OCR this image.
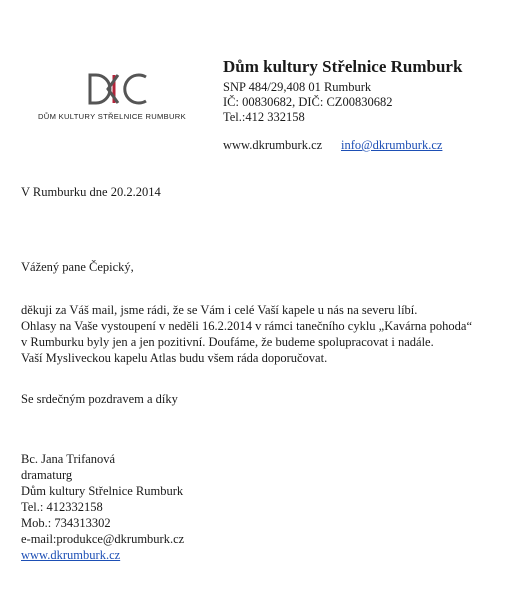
DŮM KULTURY STŘELNICE RUMBURK
Dům kultury Střelnice Rumburk
SNP 484/29,408 01 Rumburk
IČ: 00830682, DIČ: CZ00830682
Tel.:412 332158
www.dkrumburk.cz info@dkrumburk.cz
V Rumburku dne 20.2.2014
Vážený pane Čepický,
děkuji za Váš mail, jsme rádi, že se Vám i celé Vaší kapele u nás na severu líbí.
Ohlasy na Vaše vystoupení v neděli 16.2.2014 v rámci tanečního cyklu „Kavárna pohoda“
v Rumburku byly jen a jen pozitivní. Doufáme, že budeme spolupracovat i nadále.
Vaší Mysliveckou kapelu Atlas budu všem ráda doporučovat.
Se srdečným pozdravem a díky
Bc. Jana Trifanová
dramaturg
Dům kultury Střelnice Rumburk
Tel.: 412332158
Mob.: 734313302
e-mail:produkce@dkrumburk.cz
www.dkrumburk.cz
